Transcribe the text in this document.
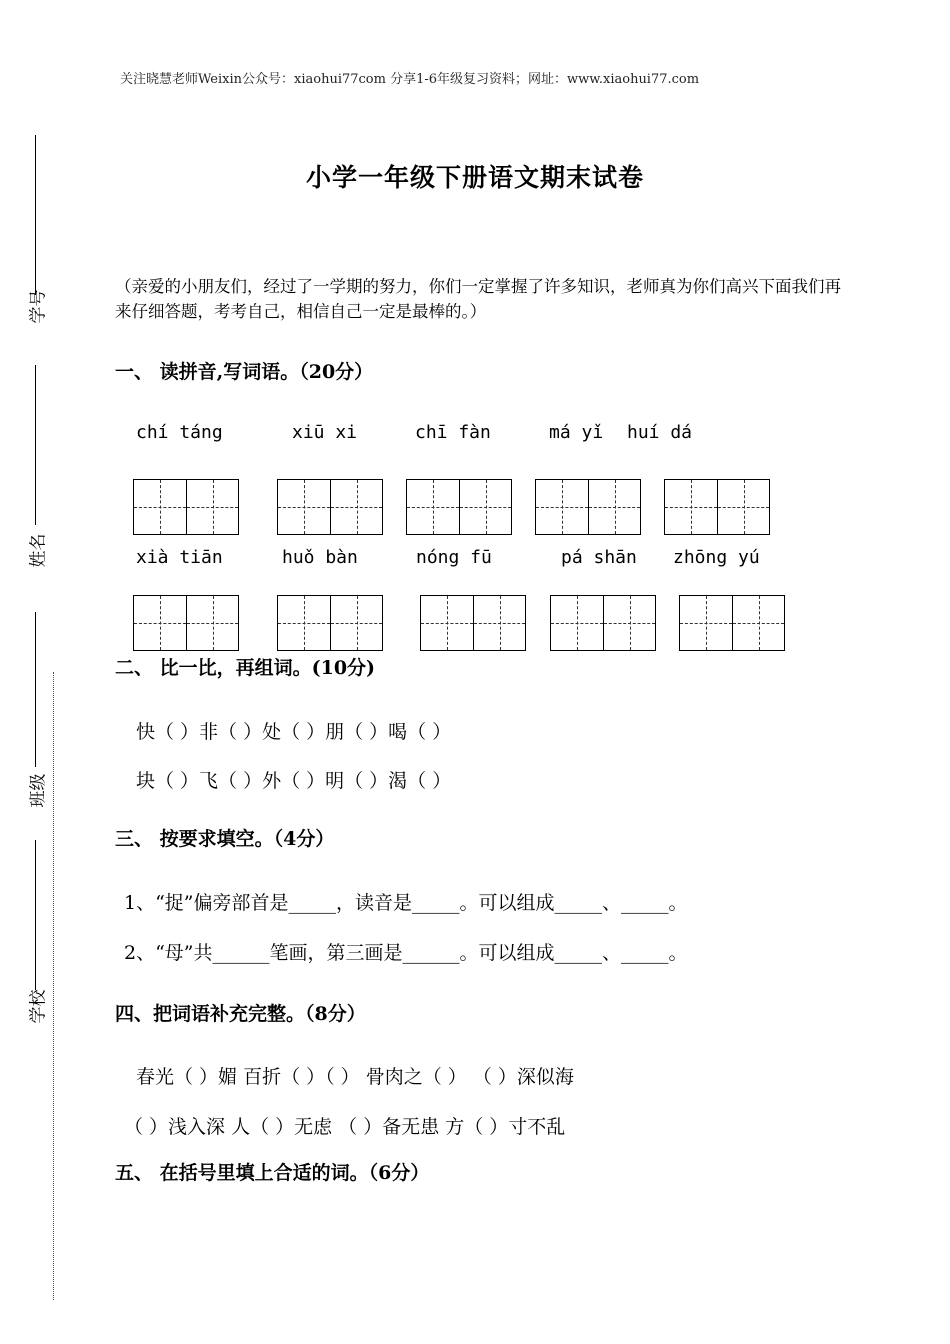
关注晓慧老师Weixin公众号：xiaohui77com 分享1-6年级复习资料；网址：www.xiaohui77.com
小学一年级下册语文期末试卷
学号
姓名
班级
学校
（亲爱的小朋友们，经过了一学期的努力，你们一定掌握了许多知识，老师真为你们高兴下面我们再来仔细答题，考考自己，相信自己一定是最棒的。）
一、 读拼音,写词语。（20分）
chí táng	xiū xi	chī fàn	má yǐ huí dá
xià tiān	huǒ bàn	nóng fū	pá shān zhōng yú
二、 比一比，再组词。(10分)
快（ ）非（ ）处（ ）朋（ ）喝（ ）
块（ ）飞（ ）外（ ）明（ ）渴（ ）
三、 按要求填空。（4分）
1、“捉”偏旁部首是_____，读音是_____。可以组成_____、_____。
2、“母”共______笔画，第三画是______。可以组成_____、_____。
四、把词语补充完整。（8分）
春光（ ）媚 百折（ ）（ ） 骨肉之（ ） （ ）深似海
（ ）浅入深 人（ ）无虑 （ ）备无患 方（ ）寸不乱
五、 在括号里填上合适的词。（6分）
